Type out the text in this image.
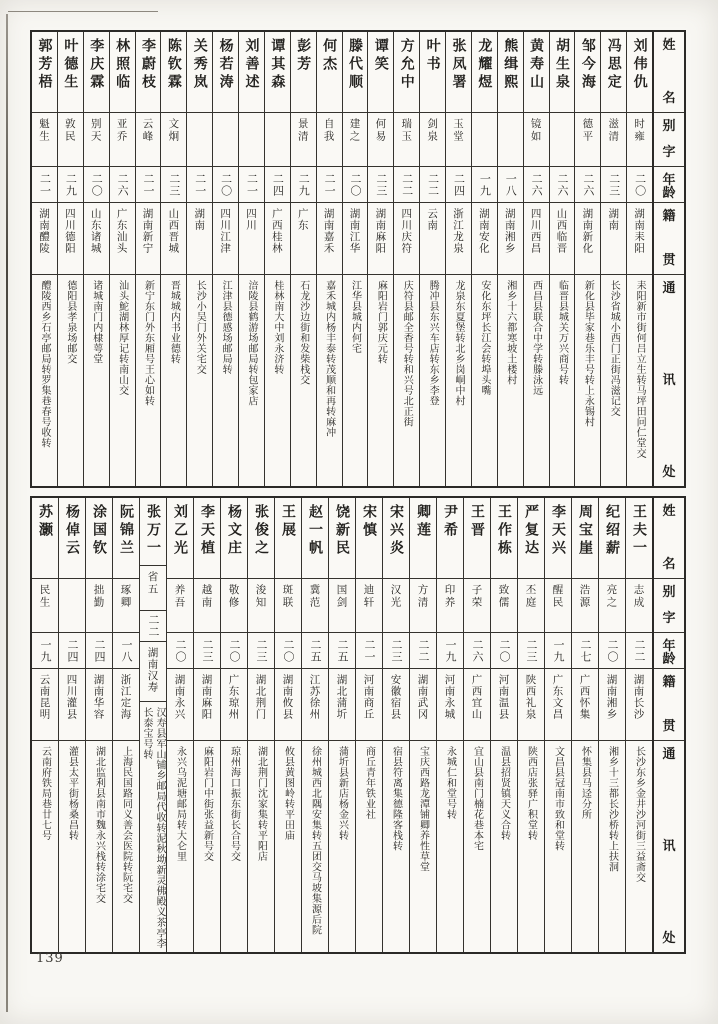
郭芳梧
魁生
二一
湖南醴陵
醴陵西乡石亭邮局转罗集巷春号收转
叶德生
敦民
二九
四川德阳
德阳县孝泉场邮交
李庆霖
别天
二〇
山东诸城
诸城南门内棣萼堂
林照临
亚乔
二六
广东汕头
汕头鮀湖林厚记转南山交
李蔚枝
云峰
二一
湖南新宁
新宁东门外东厢号王心如转
陈钦霖
文炯
二三
山西晋城
晋城城内书业德转
关秀岚
二一
湖南
长沙小吴门外关宅交
杨若涛
二〇
四川江津
江津县德感场邮局转
刘善述
二一
四川
涪陵县鹤游场邮局转包家店
谭其森
二四
广西桂林
桂林南大中刘永济转
彭芳
景清
二九
广东
石龙沙边街和发柴栈交
何杰
自我
二一
湖南嘉禾
嘉禾城内杨丰泰转茂顺和再转麻冲
滕代顺
建之
二〇
湖南江华
江华县城内何宅
谭笑
何易
二三
湖南麻阳
麻阳岩门郭庆元转
方允中
瑞玉
二二
四川庆符
庆符县邮全香号转和兴号北正街
叶书
剑泉
二二
云南
腾冲县东兴车店转东乡李登
张凤署
玉堂
二四
浙江龙泉
龙泉东夏堡转北乡岗峒中村
龙耀煜
一九
湖南安化
安化东坪长江会转埠头嘴
熊缉熙
一八
湖南湘乡
湘乡十六都寒坡土楼村
黄寿山
镜如
二六
四川西昌
西昌县联合中学转滕泳远
胡生泉
二六
山西临晋
临晋县城关万兴商号转
邹今海
德平
二六
湖南新化
新化县毕家巷乐丰号转上永锡村
冯思定
滋清
二三
湖南
长沙省城小西门正街冯滋记交
刘伟仇
时雍
二〇
湖南耒阳
耒阳新市街何吕立生转马坪田问仁堂交
姓
名
别
字
年
龄
籍
贯
通
讯
处
苏灏
民生
一九
云南昆明
云南府铁局巷廿七号
杨倬云
二四
四川灌县
灌县太平街杨桑昌转
涂国钦
拙勤
二四
湖南华容
湖北监利县南市魏永兴栈转涂宅交
阮锦兰
琢卿
一八
浙江定海
上海民国路同义善会医院转阮宅交
张万一
省五
二二
湖南汉寿
汉寿县军山铺乡邮局代收转泥秋坳新灵佛殿义茶亭李长泰宝号转
刘乙光
养吾
二〇
湖南永兴
永兴乌泥塘邮局转大仑里
李天植
越南
二三
湖南麻阳
麻阳岩门中街张益新号交
杨文庄
敬修
二〇
广东琼州
琼州海口振东街长合号交
张俊之
浚知
二三
湖北荆门
湖北荆门沈家集转平阳店
王展
斑联
二〇
湖南攸县
攸县黄图岭转平田庙
赵一帆
冀范
二五
江苏徐州
徐州城西北隅安集转五团交马坡集源后院
饶新民
国剑
二五
湖北蒲圻
蒲圻县新店杨金兴转
宋慎
迪轩
二一
河南商丘
商丘青年铁业社
宋兴炎
汉光
二三
安徽宿县
宿县符离集德隆客栈转
卿莲
方清
二二
湖南武冈
宝庆西路龙潭铺卿养性草堂
尹希
印养
一九
河南永城
永城仁和堂号转
王晋
子荣
二六
广西宜山
宜山县南门楠花巷本宅
王作栋
致儒
二〇
河南温县
温县招贤镇天义合转
严复达
丕庭
二三
陕西礼泉
陕西店张驿广积堂转
李天兴
醒民
一九
广东文昌
文昌县冠南市致和堂转
周宝崖
浩源
二七
广西怀集
怀集县马迳分所
纪绍薪
亮之
二〇
湖南湘乡
湘乡十三都长沙桥转上扶洞
王夫一
志成
二二
湖南长沙
长沙东乡金井沙河街三益斋交
姓
名
别
字
年
龄
籍
贯
通
讯
处
139
